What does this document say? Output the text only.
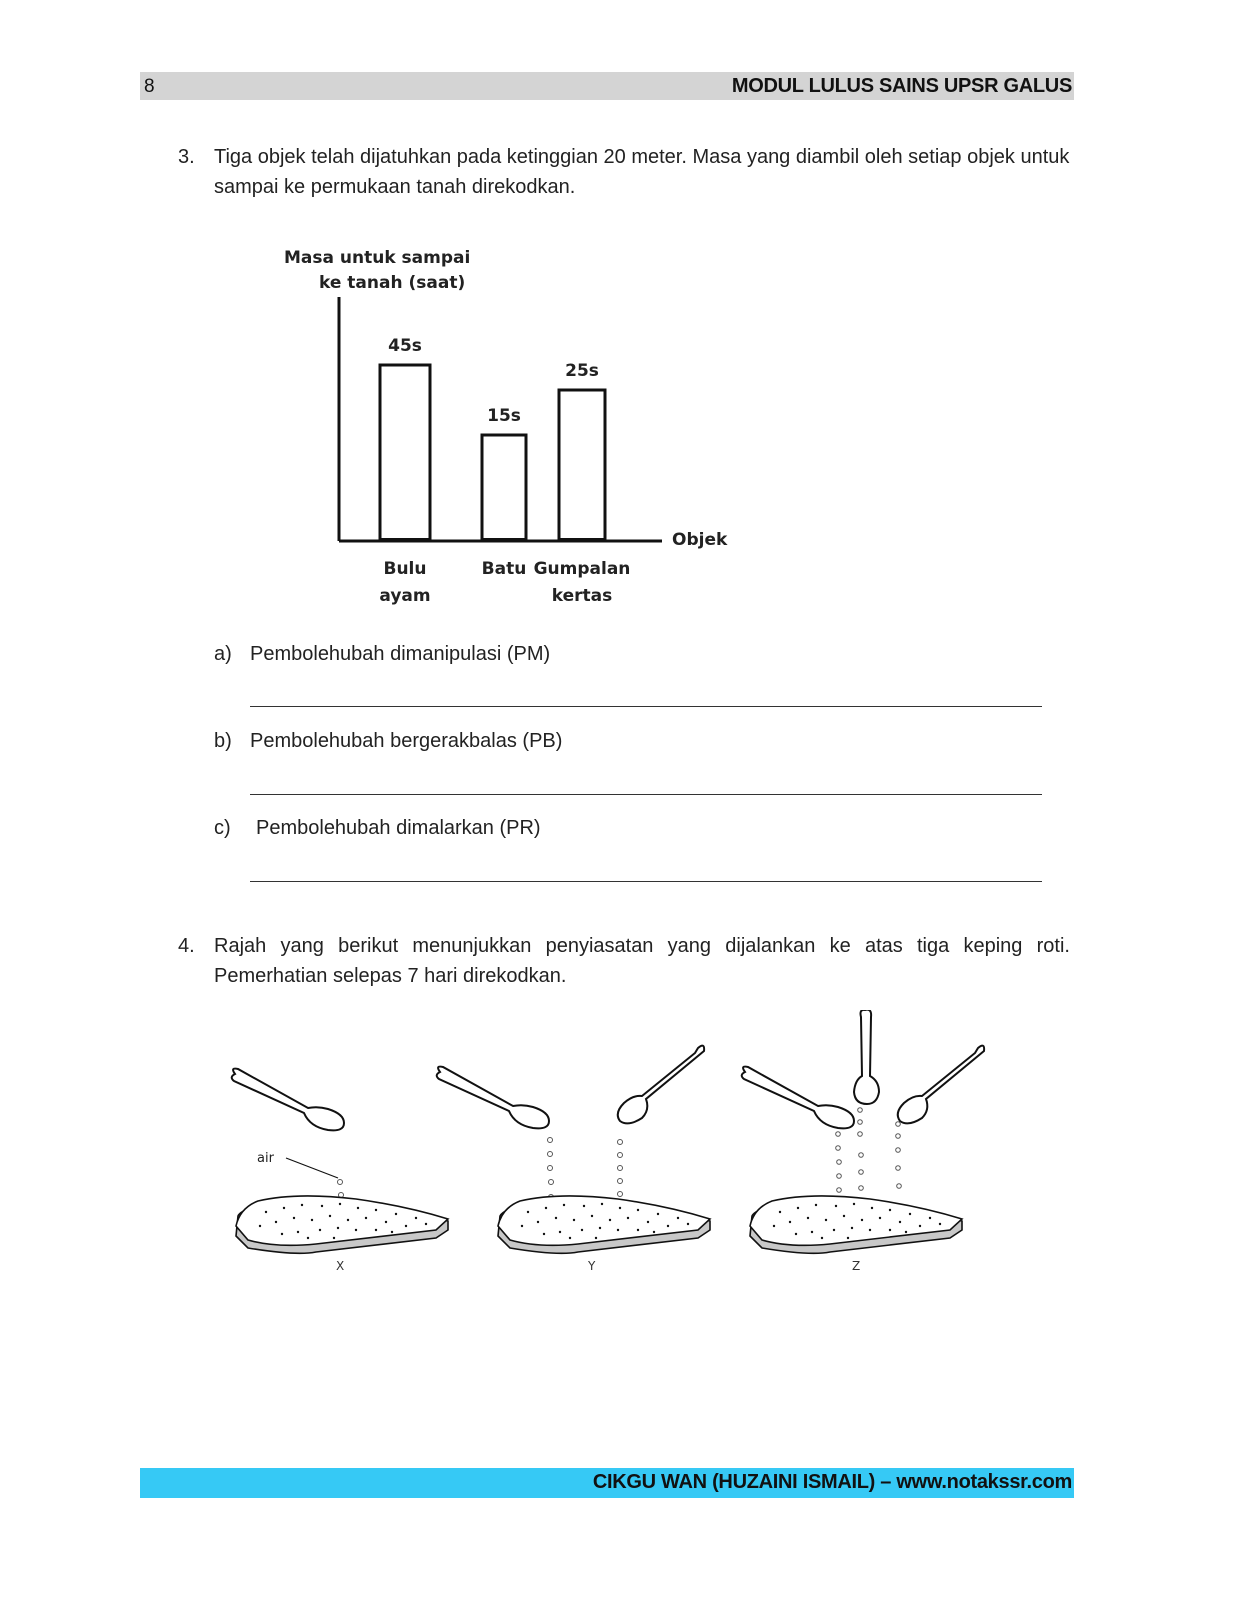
8	MODUL LULUS SAINS UPSR GALUS
3. Tiga objek telah dijatuhkan pada ketinggian 20 meter. Masa yang diambil oleh setiap objek untuk sampai ke permukaan tanah direkodkan.
Masa untuk sampai
ke tanah (saat)
Objek
45s
Bulu
ayam
15s
Batu
25s
Gumpalan
kertas
a) Pembolehubah dimanipulasi (PM)
b) Pembolehubah bergerakbalas (PB)
c) Pembolehubah dimalarkan (PR)
4. Rajah yang berikut menunjukkan penyiasatan yang dijalankan ke atas tiga keping roti. Pemerhatian selepas 7 hari direkodkan.
air
X	Y	Z
CIKGU WAN (HUZAINI ISMAIL) – www.notakssr.com
